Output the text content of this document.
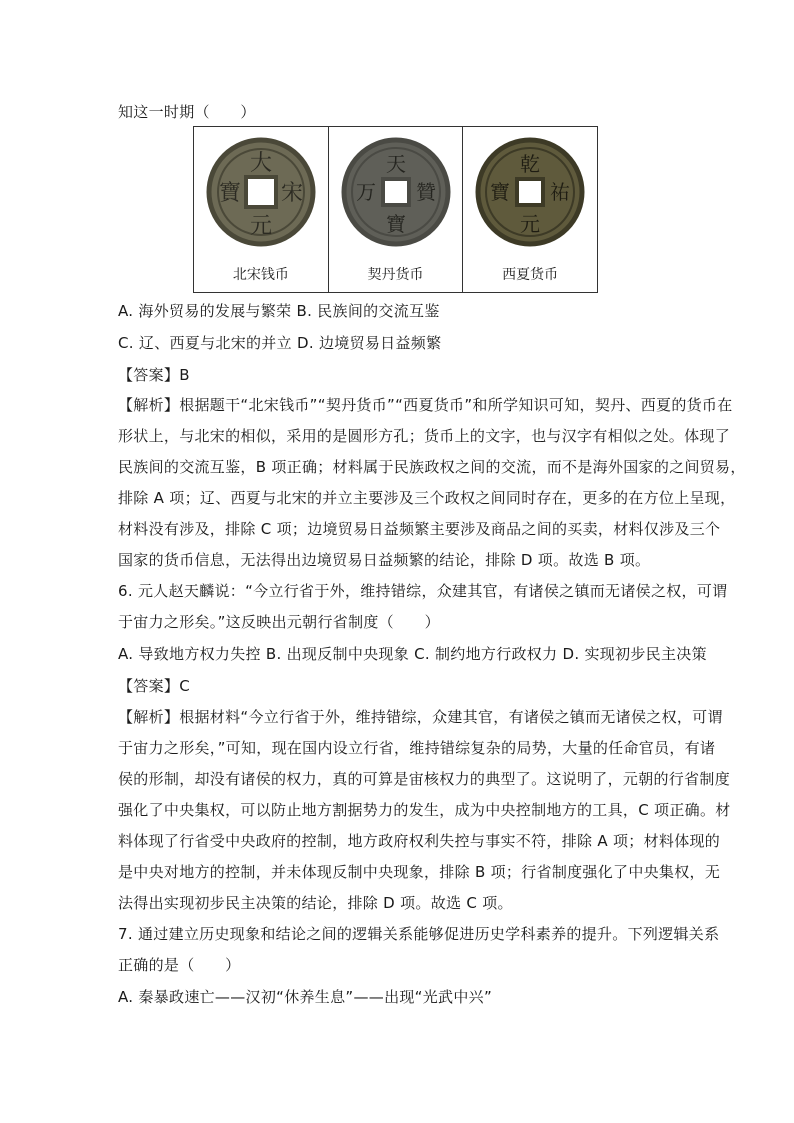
知这一时期（　　）
大
宋
元
寶
北宋钱币
天
贊
寶
万
契丹货币
乾
祐
元
寶
西夏货币
A. 海外贸易的发展与繁荣 B. 民族间的交流互鉴
C. 辽、西夏与北宋的并立 D. 边境贸易日益频繁
【答案】B
【解析】根据题干“北宋钱币”“契丹货币”“西夏货币”和所学知识可知，契丹、西夏的货币在
形状上，与北宋的相似，采用的是圆形方孔；货币上的文字，也与汉字有相似之处。体现了
民族间的交流互鉴，B 项正确；材料属于民族政权之间的交流，而不是海外国家的之间贸易，
排除 A 项；辽、西夏与北宋的并立主要涉及三个政权之间同时存在，更多的在方位上呈现，
材料没有涉及，排除 C 项；边境贸易日益频繁主要涉及商品之间的买卖，材料仅涉及三个
国家的货币信息，无法得出边境贸易日益频繁的结论，排除 D 项。故选 B 项。
6. 元人赵天麟说：“今立行省于外，维持错综，众建其官，有诸侯之镇而无诸侯之权，可谓
于宙力之形矣。”这反映出元朝行省制度（　　）
A. 导致地方权力失控 B. 出现反制中央现象 C. 制约地方行政权力 D. 实现初步民主决策
【答案】C
【解析】根据材料“今立行省于外，维持错综，众建其官，有诸侯之镇而无诸侯之权，可谓
于宙力之形矣，”可知，现在国内设立行省，维持错综复杂的局势，大量的任命官员，有诸
侯的形制，却没有诸侯的权力，真的可算是宙核权力的典型了。这说明了，元朝的行省制度
强化了中央集权，可以防止地方割据势力的发生，成为中央控制地方的工具，C 项正确。材
料体现了行省受中央政府的控制，地方政府权利失控与事实不符，排除 A 项；材料体现的
是中央对地方的控制，并未体现反制中央现象，排除 B 项；行省制度强化了中央集权，无
法得出实现初步民主决策的结论，排除 D 项。故选 C 项。
7. 通过建立历史现象和结论之间的逻辑关系能够促进历史学科素养的提升。下列逻辑关系
正确的是（　　）
A. 秦暴政速亡——汉初“休养生息”——出现“光武中兴”
